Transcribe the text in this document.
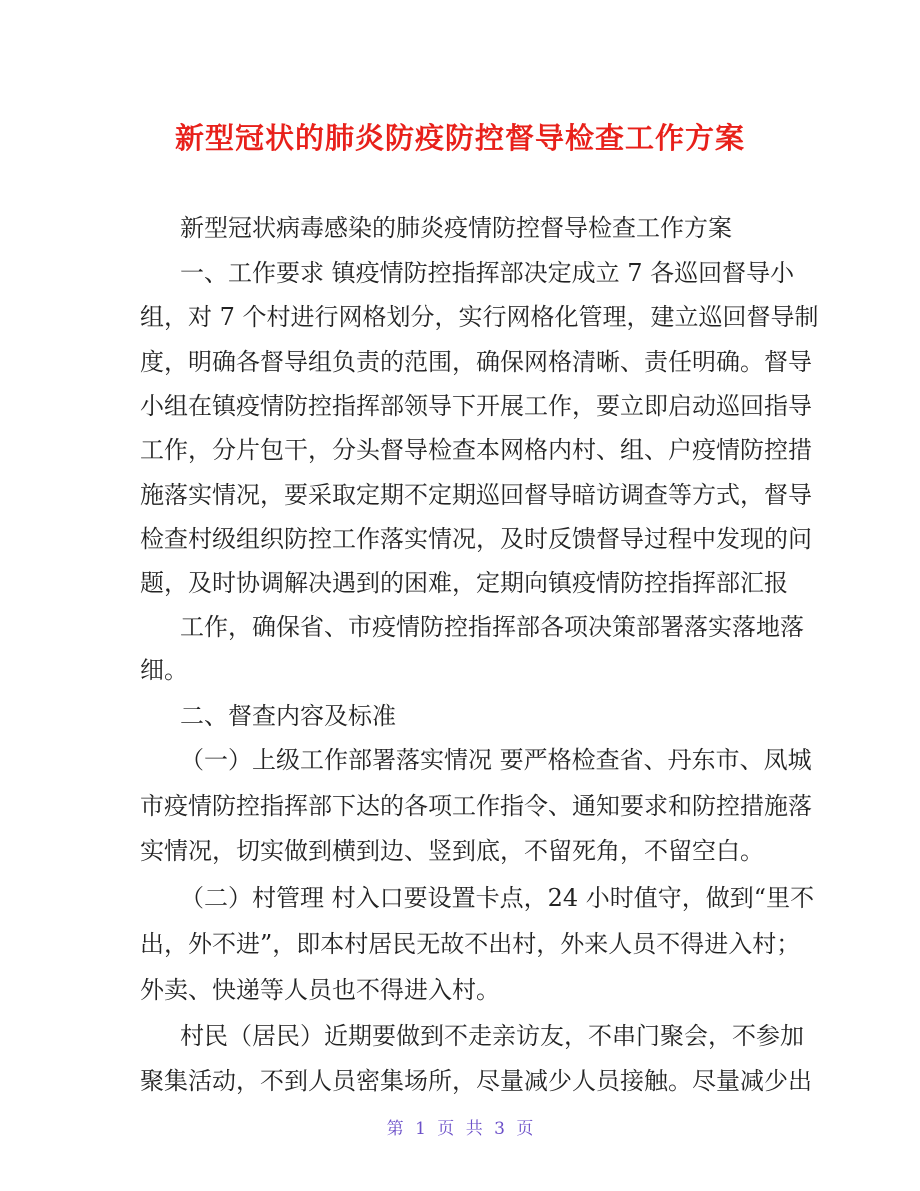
新型冠状的肺炎防疫防控督导检查工作方案
新型冠状病毒感染的肺炎疫情防控督导检查工作方案
一、工作要求 镇疫情防控指挥部决定成立 7 各巡回督导小
组，对 7 个村进行网格划分，实行网格化管理，建立巡回督导制
度，明确各督导组负责的范围，确保网格清晰、责任明确。督导
小组在镇疫情防控指挥部领导下开展工作，要立即启动巡回指导
工作，分片包干，分头督导检查本网格内村、组、户疫情防控措
施落实情况，要采取定期不定期巡回督导暗访调查等方式，督导
检查村级组织防控工作落实情况，及时反馈督导过程中发现的问
题，及时协调解决遇到的困难，定期向镇疫情防控指挥部汇报
工作，确保省、市疫情防控指挥部各项决策部署落实落地落
细。
二、督查内容及标准
（一）上级工作部署落实情况 要严格检查省、丹东市、凤城
市疫情防控指挥部下达的各项工作指令、通知要求和防控措施落
实情况，切实做到横到边、竖到底，不留死角，不留空白。
（二）村管理 村入口要设置卡点，24 小时值守，做到“里不
出，外不进”，即本村居民无故不出村，外来人员不得进入村；
外卖、快递等人员也不得进入村。
村民（居民）近期要做到不走亲访友，不串门聚会，不参加
聚集活动，不到人员密集场所，尽量减少人员接触。尽量减少出
第 1 页 共 3 页
